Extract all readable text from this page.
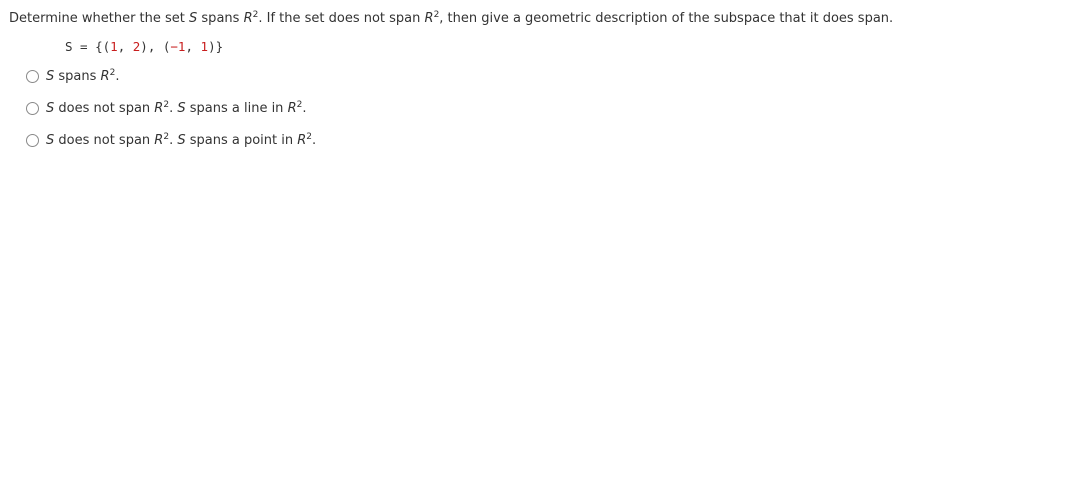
Determine whether the set S spans $R^2$. If the set does not span $R^2$, then give a geometric description of the subspace that it does span.
S = {(1, 2), (−1, 1)}
S spans $R^2$.
S does not span $R^2$. S spans a line in $R^2$.
S does not span $R^2$. S spans a point in $R^2$.
